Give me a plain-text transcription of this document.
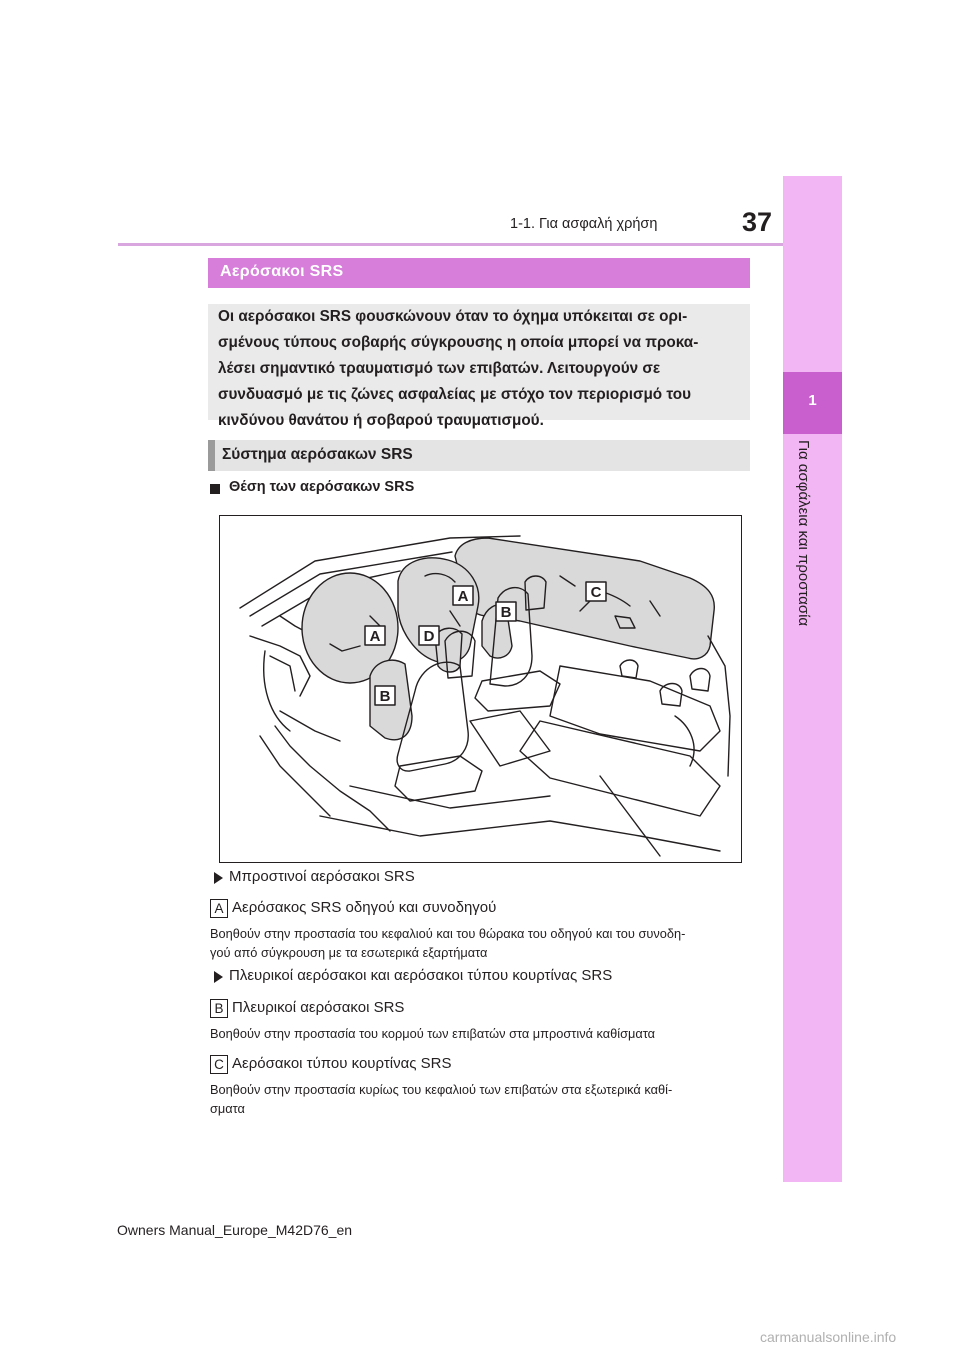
1-1. Για ασφαλή χρήση	37
1
Για ασφάλεια και προστασία
Αερόσακοι SRS
Οι αερόσακοι SRS φουσκώνουν όταν το όχημα υπόκειται σε ορι-
σμένους τύπους σοβαρής σύγκρουσης η οποία μπορεί να προκα-
λέσει σημαντικό τραυματισμό των επιβατών. Λειτουργούν σε
συνδυασμό με τις ζώνες ασφαλείας με στόχο τον περιορισμό του
κινδύνου θανάτου ή σοβαρού τραυματισμού.
Σύστημα αερόσακων SRS
Θέση των αερόσακων SRS
A
A
B
B
C
D
Μπροστινοί αερόσακοι SRS
A Αερόσακος SRS οδηγού και συνοδηγού
Βοηθούν στην προστασία του κεφαλιού και του θώρακα του οδηγού και του συνοδη-
γού από σύγκρουση με τα εσωτερικά εξαρτήματα
Πλευρικοί αερόσακοι και αερόσακοι τύπου κουρτίνας SRS
B Πλευρικοί αερόσακοι SRS
Βοηθούν στην προστασία του κορμού των επιβατών στα μπροστινά καθίσματα
C Αερόσακοι τύπου κουρτίνας SRS
Βοηθούν στην προστασία κυρίως του κεφαλιού των επιβατών στα εξωτερικά καθί-
σματα
Owners Manual_Europe_M42D76_en
carmanualsonline.info
